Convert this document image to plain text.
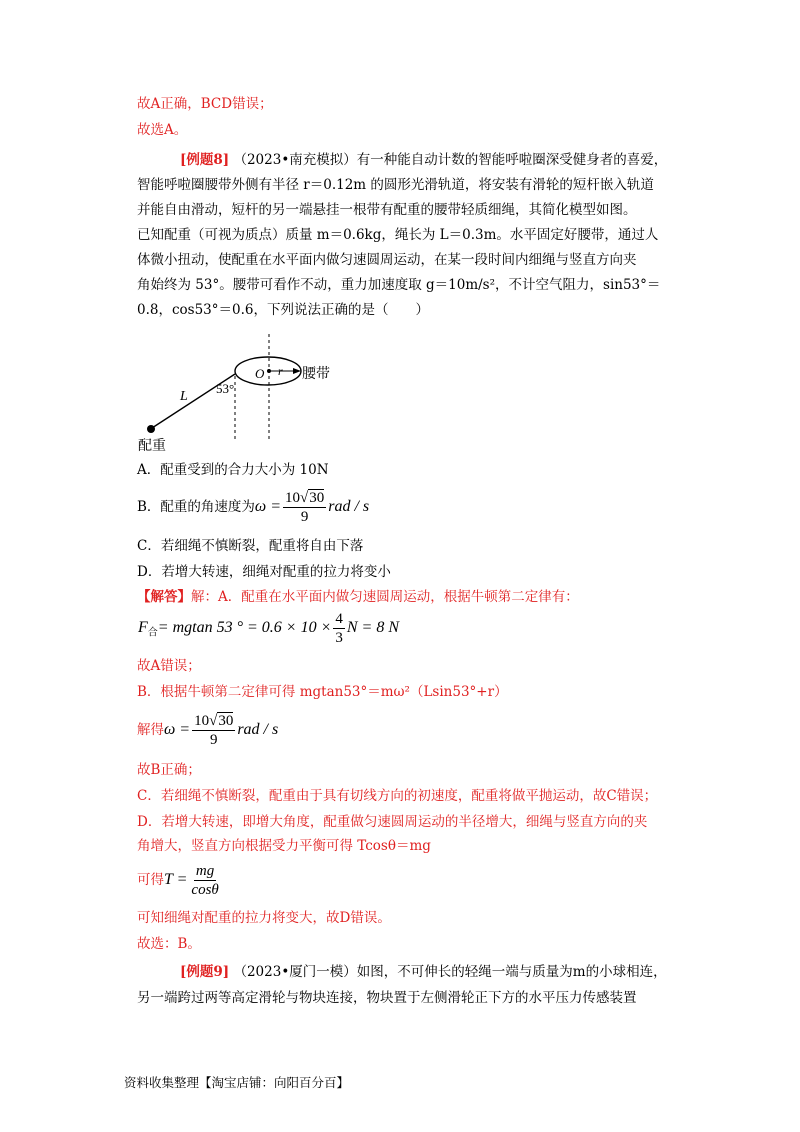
故A正确，BCD错误；
故选A。
[例题8] （2023•南充模拟）有一种能自动计数的智能呼啦圈深受健身者的喜爱，
智能呼啦圈腰带外侧有半径 r＝0.12m 的圆形光滑轨道，将安装有滑轮的短杆嵌入轨道
并能自由滑动，短杆的另一端悬挂一根带有配重的腰带轻质细绳，其简化模型如图。
已知配重（可视为质点）质量 m＝0.6kg，绳长为 L＝0.3m。水平固定好腰带，通过人
体微小扭动，使配重在水平面内做匀速圆周运动，在某一段时间内细绳与竖直方向夹
角始终为 53°。腰带可看作不动，重力加速度取 g＝10m/s²，不计空气阻力，sin53°＝
0.8，cos53°＝0.6，下列说法正确的是（　　）
53°
L
O r 腰带
配重
A．配重受到的合力大小为 10N
B．配重的角速度为$\omega = \frac{10√30}{9}$ rad / s
C．若细绳不慎断裂，配重将自由下落
D．若增大转速，细绳对配重的拉力将变小
【解答】解：A．配重在水平面内做匀速圆周运动，根据牛顿第二定律有：
$F_合= mgtan$ 53 ° = $0.6 \times 10 \times \frac{4}{3}$ N = 8 N
故A错误；
B．根据牛顿第二定律可得 mgtan53°＝mω²（Lsin53°+r）
解得$\omega = \frac{10√30}{9}$ rad / s
故B正确；
C．若细绳不慎断裂，配重由于具有切线方向的初速度，配重将做平抛运动，故C错误；
D．若增大转速，即增大角度，配重做匀速圆周运动的半径增大，细绳与竖直方向的夹
角增大，竖直方向根据受力平衡可得 Tcosθ＝mg
可得$T = \frac{mg}{\cos\theta}$
可知细绳对配重的拉力将变大，故D错误。
故选：B。
[例题9] （2023•厦门一模）如图，不可伸长的轻绳一端与质量为m的小球相连，
另一端跨过两等高定滑轮与物块连接，物块置于左侧滑轮正下方的水平压力传感装置
资料收集整理【淘宝店铺：向阳百分百】
